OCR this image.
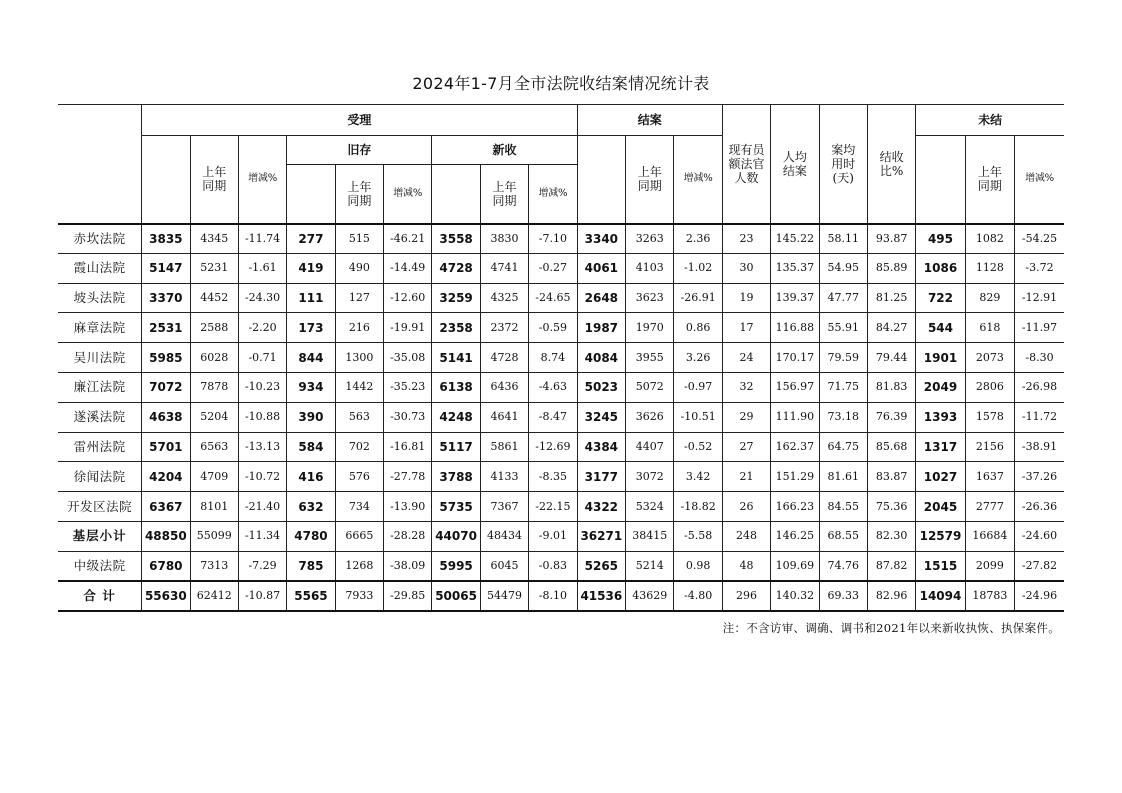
2024年1-7月全市法院收结案情况统计表
	受理									结案			现有员额法官人数	人均结案	案均用时(天)	结收比%	未结		

		上年同期	增减%	旧存			新收				上年同期	增减%						上年同期	增减%

					上年同期	增减%		上年同期	增减%										
赤坎法院	3835	4345	-11.74	277	515	-46.21	3558	3830	-7.10	3340	3263	2.36	23	145.22	58.11	93.87	495	1082	-54.25
霞山法院	5147	5231	-1.61	419	490	-14.49	4728	4741	-0.27	4061	4103	-1.02	30	135.37	54.95	85.89	1086	1128	-3.72
坡头法院	3370	4452	-24.30	111	127	-12.60	3259	4325	-24.65	2648	3623	-26.91	19	139.37	47.77	81.25	722	829	-12.91
麻章法院	2531	2588	-2.20	173	216	-19.91	2358	2372	-0.59	1987	1970	0.86	17	116.88	55.91	84.27	544	618	-11.97
吴川法院	5985	6028	-0.71	844	1300	-35.08	5141	4728	8.74	4084	3955	3.26	24	170.17	79.59	79.44	1901	2073	-8.30
廉江法院	7072	7878	-10.23	934	1442	-35.23	6138	6436	-4.63	5023	5072	-0.97	32	156.97	71.75	81.83	2049	2806	-26.98
遂溪法院	4638	5204	-10.88	390	563	-30.73	4248	4641	-8.47	3245	3626	-10.51	29	111.90	73.18	76.39	1393	1578	-11.72
雷州法院	5701	6563	-13.13	584	702	-16.81	5117	5861	-12.69	4384	4407	-0.52	27	162.37	64.75	85.68	1317	2156	-38.91
徐闻法院	4204	4709	-10.72	416	576	-27.78	3788	4133	-8.35	3177	3072	3.42	21	151.29	81.61	83.87	1027	1637	-37.26
开发区法院	6367	8101	-21.40	632	734	-13.90	5735	7367	-22.15	4322	5324	-18.82	26	166.23	84.55	75.36	2045	2777	-26.36
基层小计	48850	55099	-11.34	4780	6665	-28.28	44070	48434	-9.01	36271	38415	-5.58	248	146.25	68.55	82.30	12579	16684	-24.60
中级法院	6780	7313	-7.29	785	1268	-38.09	5995	6045	-0.83	5265	5214	0.98	48	109.69	74.76	87.82	1515	2099	-27.82
合 计	55630	62412	-10.87	5565	7933	-29.85	50065	54479	-8.10	41536	43629	-4.80	296	140.32	69.33	82.96	14094	18783	-24.96
注：不含访审、调确、调书和2021年以来新收执恢、执保案件。
